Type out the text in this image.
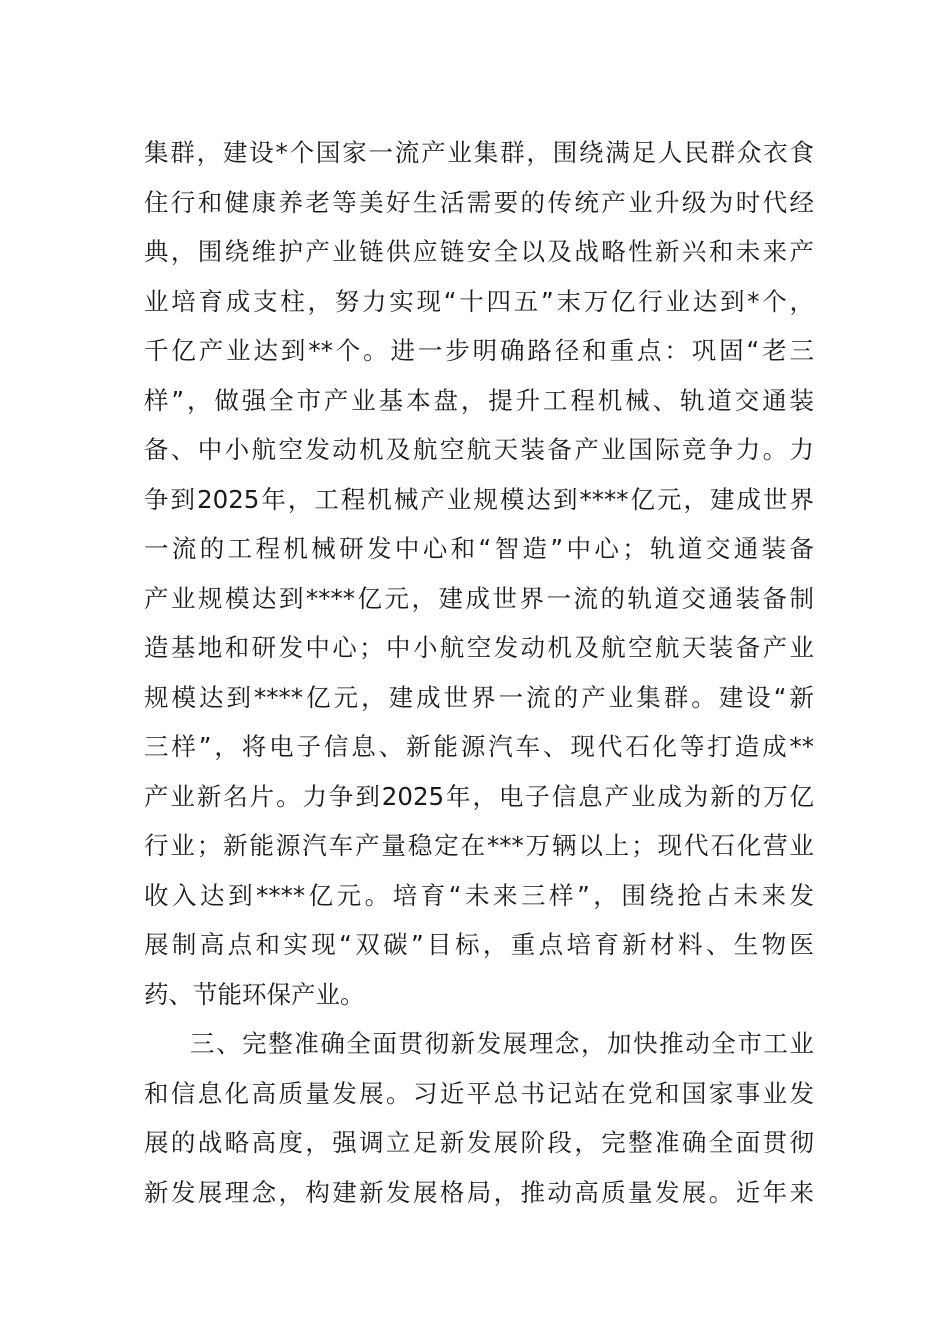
集群，建设*个国家一流产业集群，围绕满足人民群众衣食
住行和健康养老等美好生活需要的传统产业升级为时代经
典，围绕维护产业链供应链安全以及战略性新兴和未来产
业培育成支柱，努力实现“十四五”末万亿行业达到*个，
千亿产业达到**个。进一步明确路径和重点：巩固“老三
样”，做强全市产业基本盘，提升工程机械、轨道交通装
备、中小航空发动机及航空航天装备产业国际竞争力。力
争到2025年，工程机械产业规模达到****亿元，建成世界
一流的工程机械研发中心和“智造”中心；轨道交通装备
产业规模达到****亿元，建成世界一流的轨道交通装备制
造基地和研发中心；中小航空发动机及航空航天装备产业
规模达到****亿元，建成世界一流的产业集群。建设“新
三样”，将电子信息、新能源汽车、现代石化等打造成**
产业新名片。力争到2025年，电子信息产业成为新的万亿
行业；新能源汽车产量稳定在***万辆以上；现代石化营业
收入达到****亿元。培育“未来三样”，围绕抢占未来发
展制高点和实现“双碳”目标，重点培育新材料、生物医
药、节能环保产业。
三、完整准确全面贯彻新发展理念，加快推动全市工业
和信息化高质量发展。习近平总书记站在党和国家事业发
展的战略高度，强调立足新发展阶段，完整准确全面贯彻
新发展理念，构建新发展格局，推动高质量发展。近年来
